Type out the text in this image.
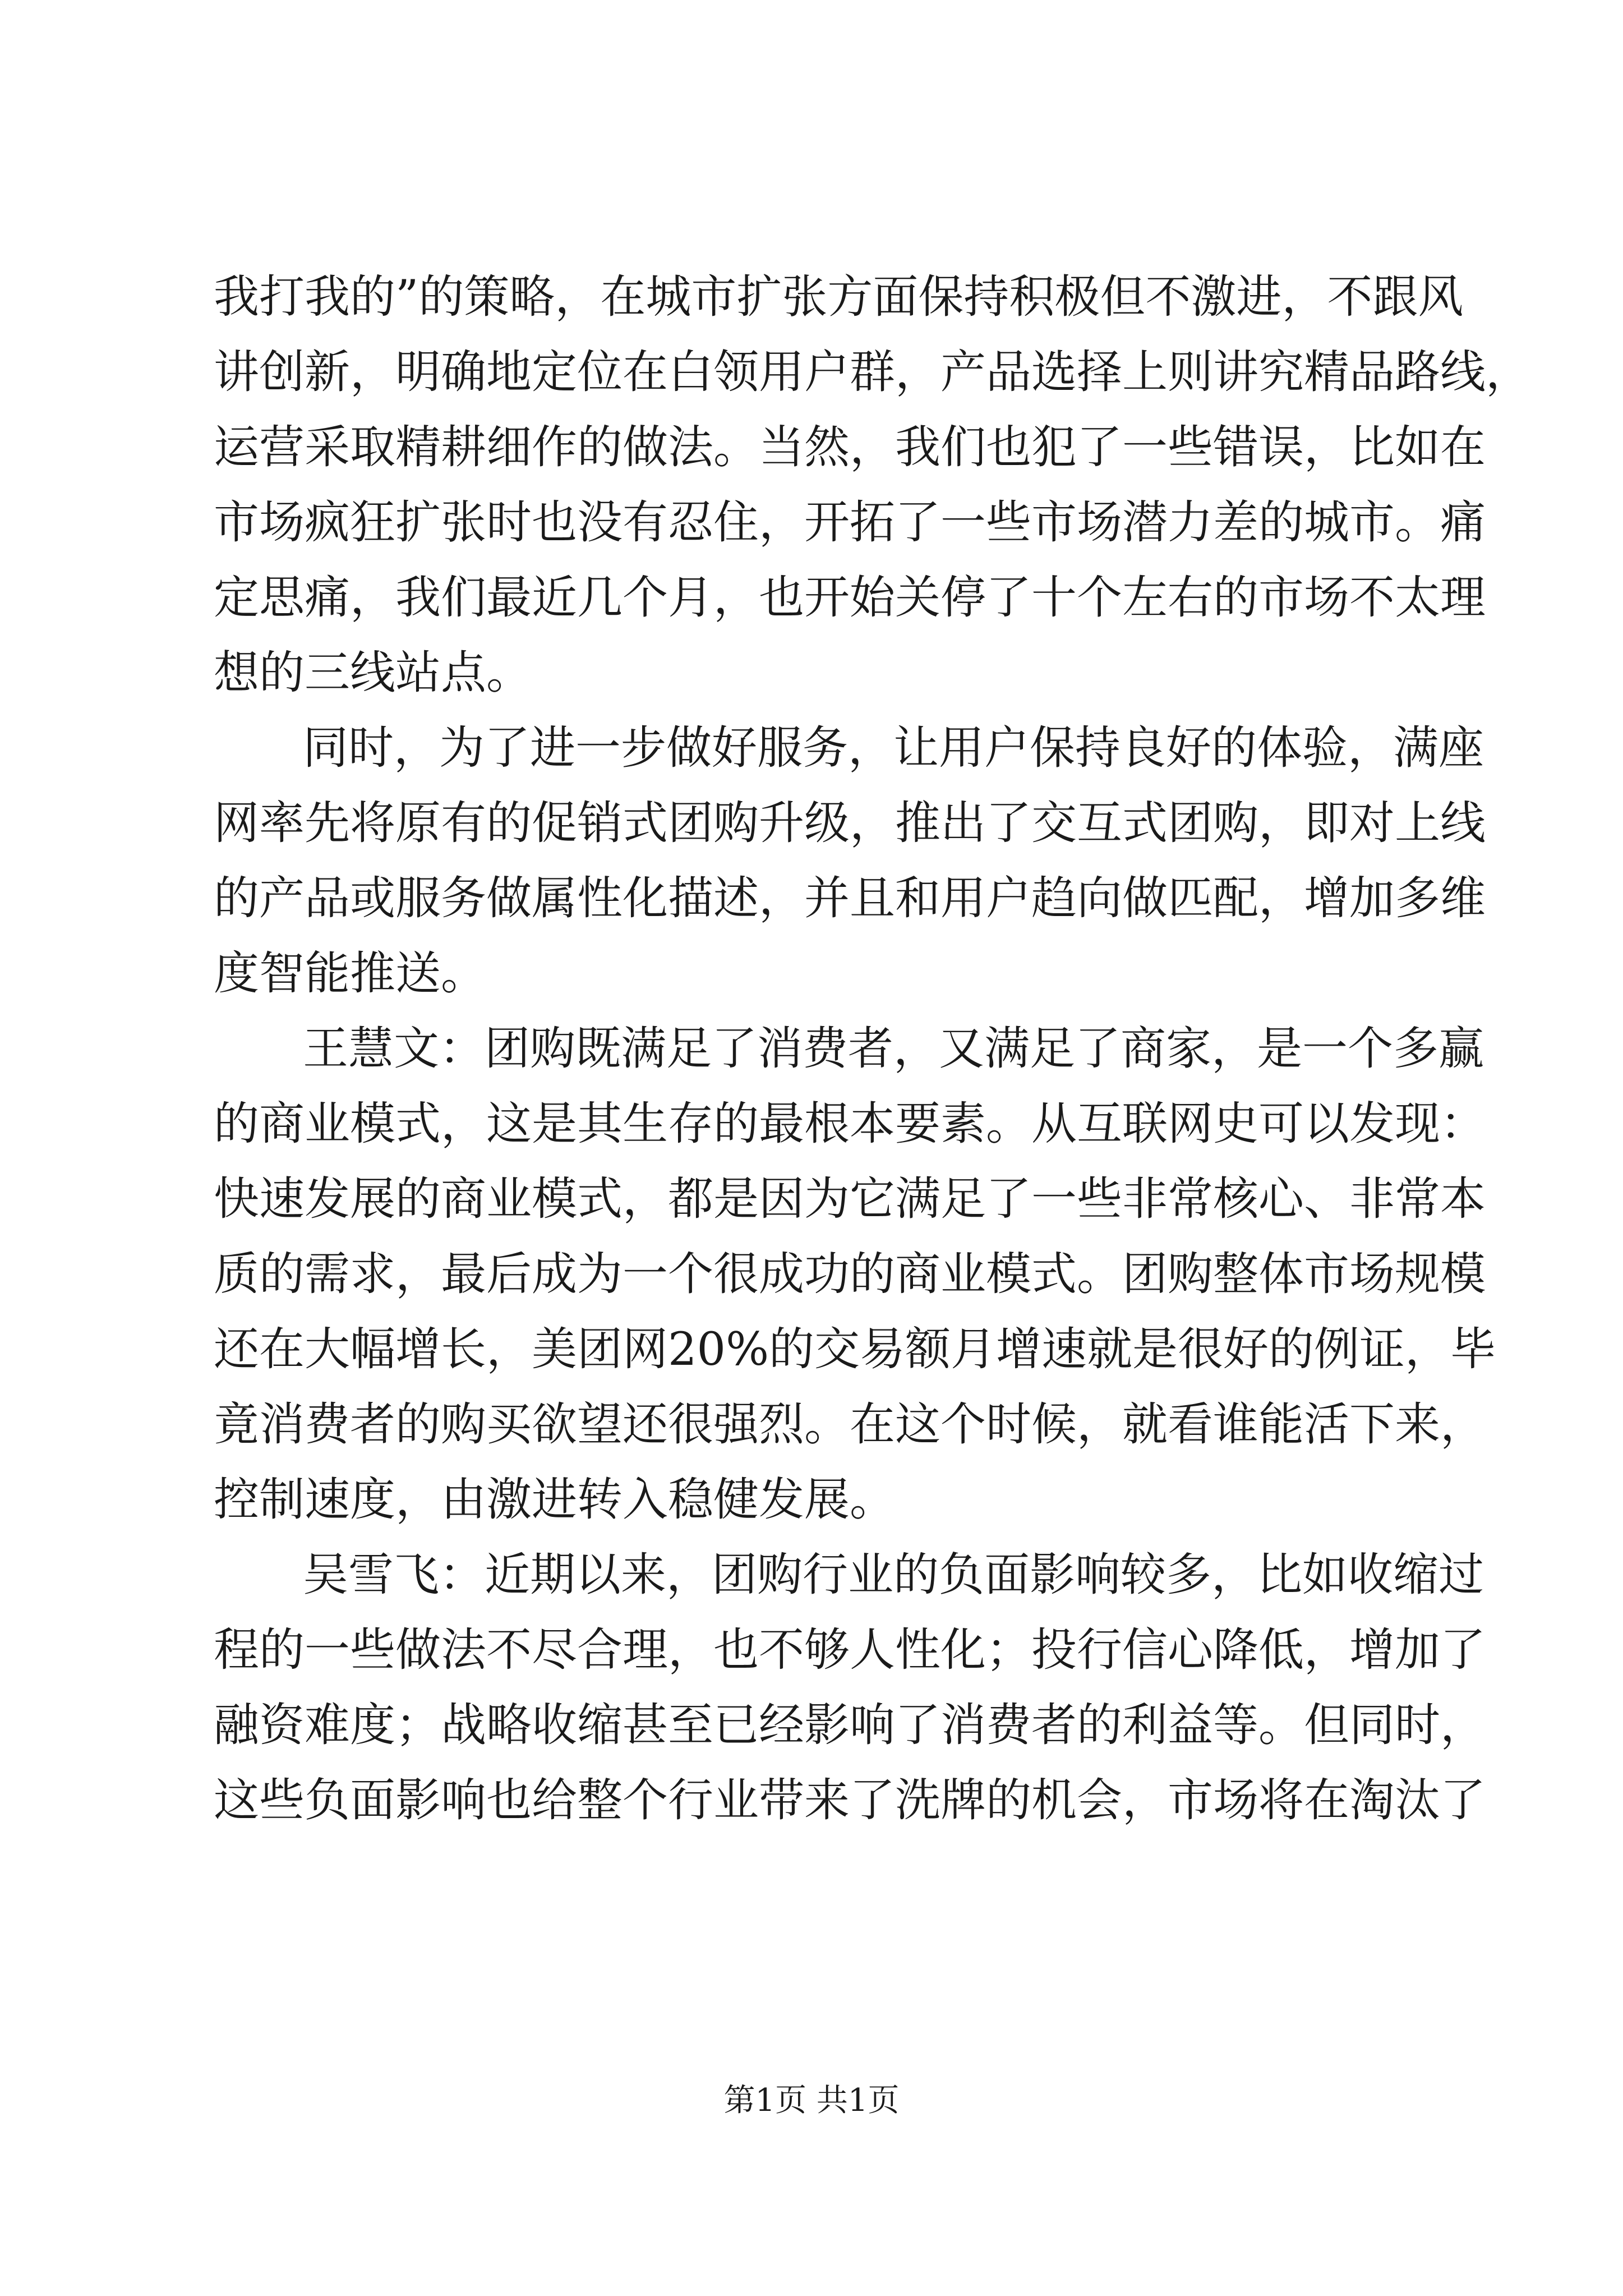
我打我的”的策略，在城市扩张方面保持积极但不激进，不跟风
讲创新，明确地定位在白领用户群，产品选择上则讲究精品路线，
运营采取精耕细作的做法。当然，我们也犯了一些错误，比如在
市场疯狂扩张时也没有忍住，开拓了一些市场潜力差的城市。痛
定思痛，我们最近几个月，也开始关停了十个左右的市场不太理
想的三线站点。
同时，为了进一步做好服务，让用户保持良好的体验，满座
网率先将原有的促销式团购升级，推出了交互式团购，即对上线
的产品或服务做属性化描述，并且和用户趋向做匹配，增加多维
度智能推送。
王慧文：团购既满足了消费者，又满足了商家，是一个多赢
的商业模式，这是其生存的最根本要素。从互联网史可以发现：
快速发展的商业模式，都是因为它满足了一些非常核心、非常本
质的需求，最后成为一个很成功的商业模式。团购整体市场规模
还在大幅增长，美团网20%的交易额月增速就是很好的例证，毕
竟消费者的购买欲望还很强烈。在这个时候，就看谁能活下来，
控制速度，由激进转入稳健发展。
吴雪飞：近期以来，团购行业的负面影响较多，比如收缩过
程的一些做法不尽合理，也不够人性化；投行信心降低，增加了
融资难度；战略收缩甚至已经影响了消费者的利益等。但同时，
这些负面影响也给整个行业带来了洗牌的机会，市场将在淘汰了
第1页 共1页
